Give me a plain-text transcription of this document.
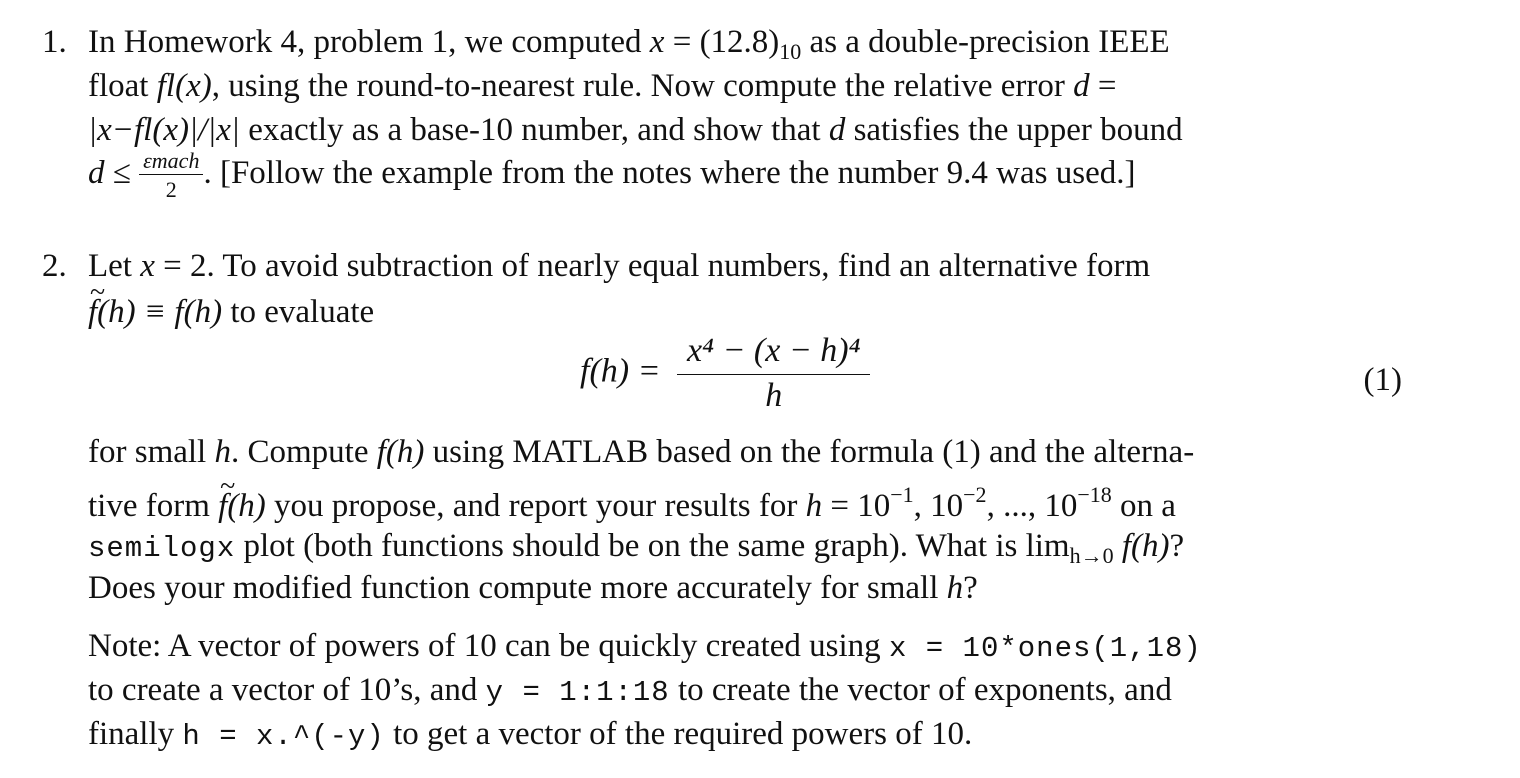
1. In Homework 4, problem 1, we computed $x = (12.8)_{10}$ as a double-precision IEEE
float fl(x), using the round-to-nearest rule. Now compute the relative error d =
|x−fl(x)|/|x| exactly as a base-10 number, and show that d satisfies the upper bound
$d \le \frac{\text{εmach}}{2}$ . [Follow the example from the notes where the number 9.4 was used.]
2. Let x = 2. To avoid subtraction of nearly equal numbers, find an alternative form
~ f(h) ≡ f(h) to evaluate
$f(h) = \frac{\text{x⁴ − (x − h)⁴}}{h}$	(1)
for small h. Compute f(h) using MATLAB based on the formula (1) and the alterna-
tive form ~ f(h) you propose, and report your results for $h = 10^{-1}$, $10^{-2}$, ..., $10^{-18}$ on a
semilogx plot (both functions should be on the same graph). What is $\lim_{h\to 0} f(h)$?
Does your modified function compute more accurately for small h?
Note: A vector of powers of 10 can be quickly created using x = 10*ones(1,18)
to create a vector of 10’s, and y = 1:1:18 to create the vector of exponents, and
finally h = x.^(-y) to get a vector of the required powers of 10.
